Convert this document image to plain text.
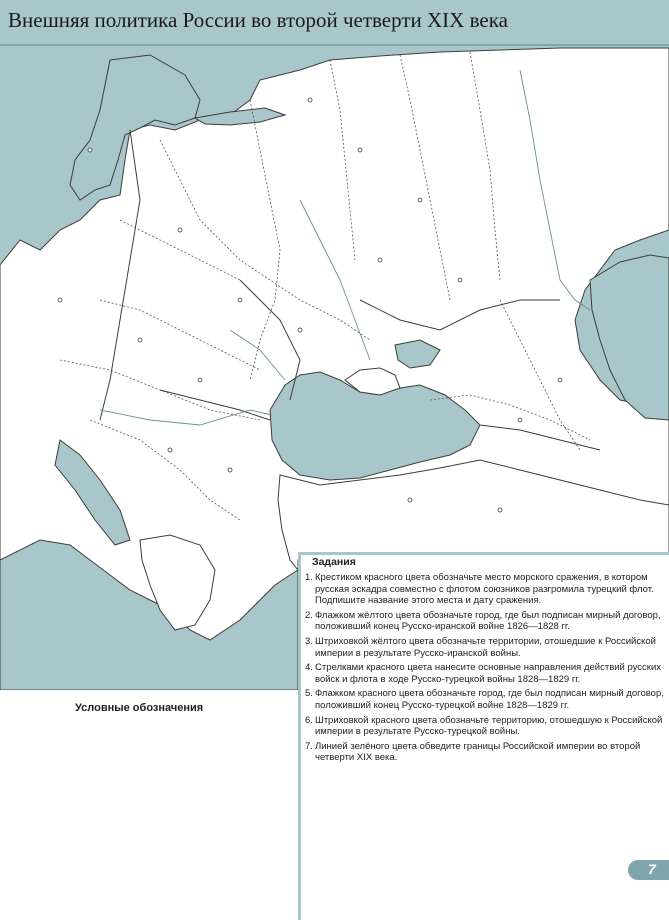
Внешняя политика России во второй четверти XIX века
Условные обозначения
Задания
1. Крестиком красного цвета обозначьте место морского сражения, в котором русская эскадра совместно с флотом союзников разгромила турецкий флот. Подпишите название этого места и дату сражения.
2. Флажком жёлтого цвета обозначьте город, где был подписан мирный договор, положивший конец Русско-иранской войне 1826—1828 гг.
3. Штриховкой жёлтого цвета обозначьте территории, отошедшие к Российской империи в результате Русско-иранской войны.
4. Стрелками красного цвета нанесите основные направления действий русских войск и флота в ходе Русско-турецкой войны 1828—1829 гг.
5. Флажком красного цвета обозначьте город, где был подписан мирный договор, положивший конец Русско-турецкой войне 1828—1829 гг.
6. Штриховкой красного цвета обозначьте территорию, отошедшую к Российской империи в результате Русско-турецкой войны.
7. Линией зелёного цвета обведите границы Российской империи во второй четверти XIX века.
7
